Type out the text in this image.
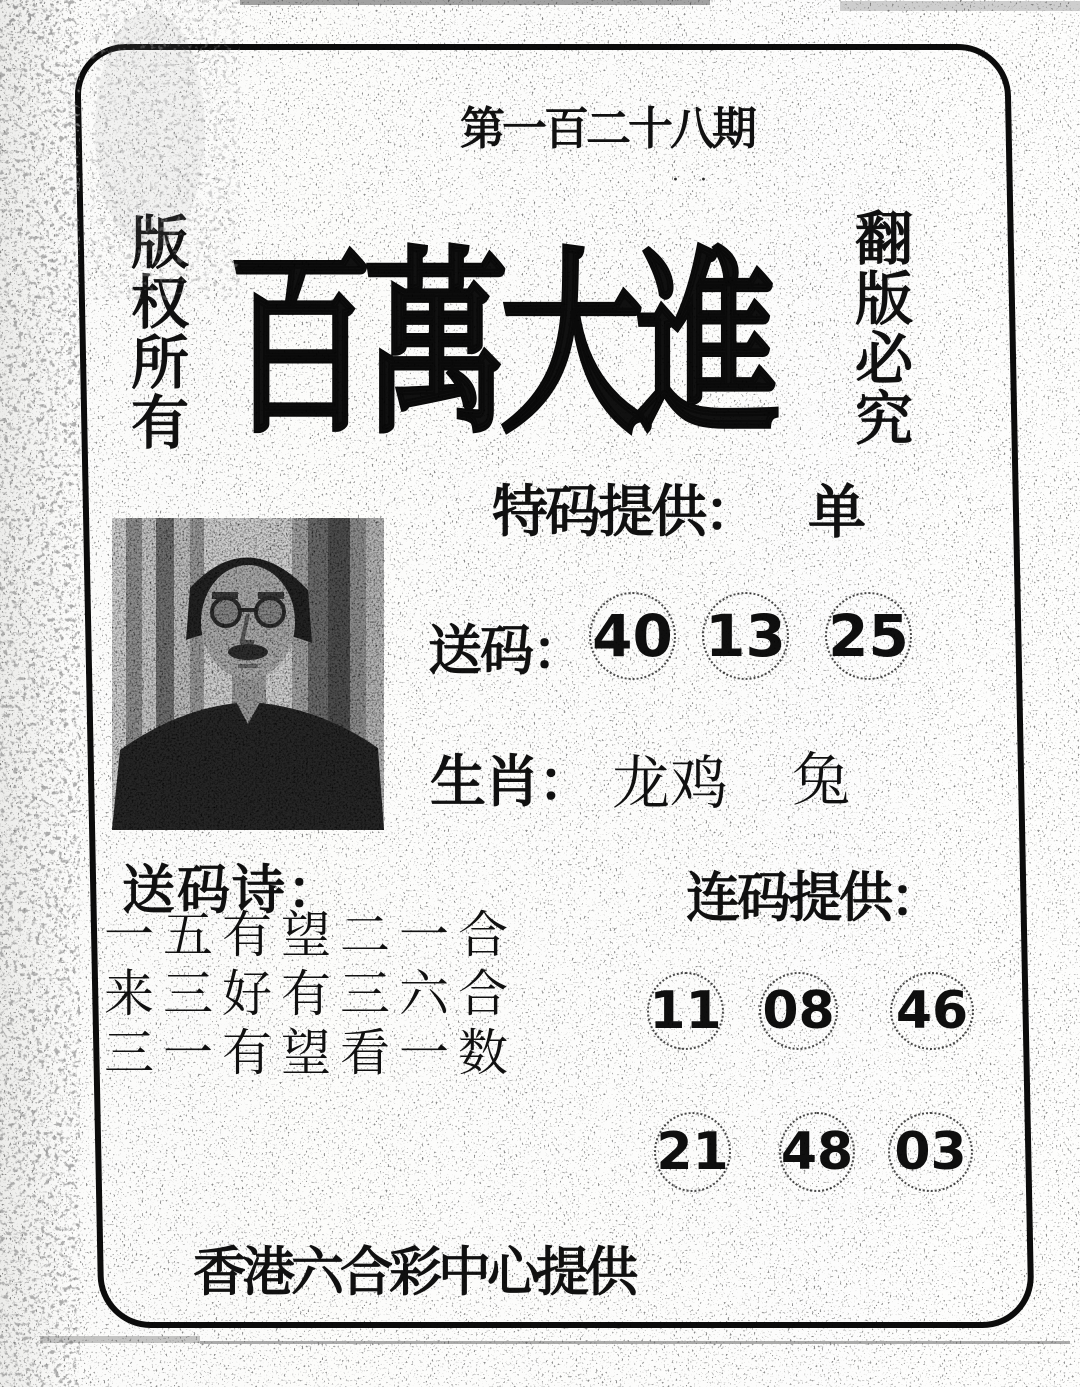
第一百二十八期
· ·
版权所有 百萬大進 翻版必究
特码提供： 单
送码： 40 13 25
生肖： 龙鸡 兔
送码诗：
一五有望二一合
来三好有三六合
三一有望看一数
连码提供：
11 08 46
21 48 03
香港六合彩中心提供
